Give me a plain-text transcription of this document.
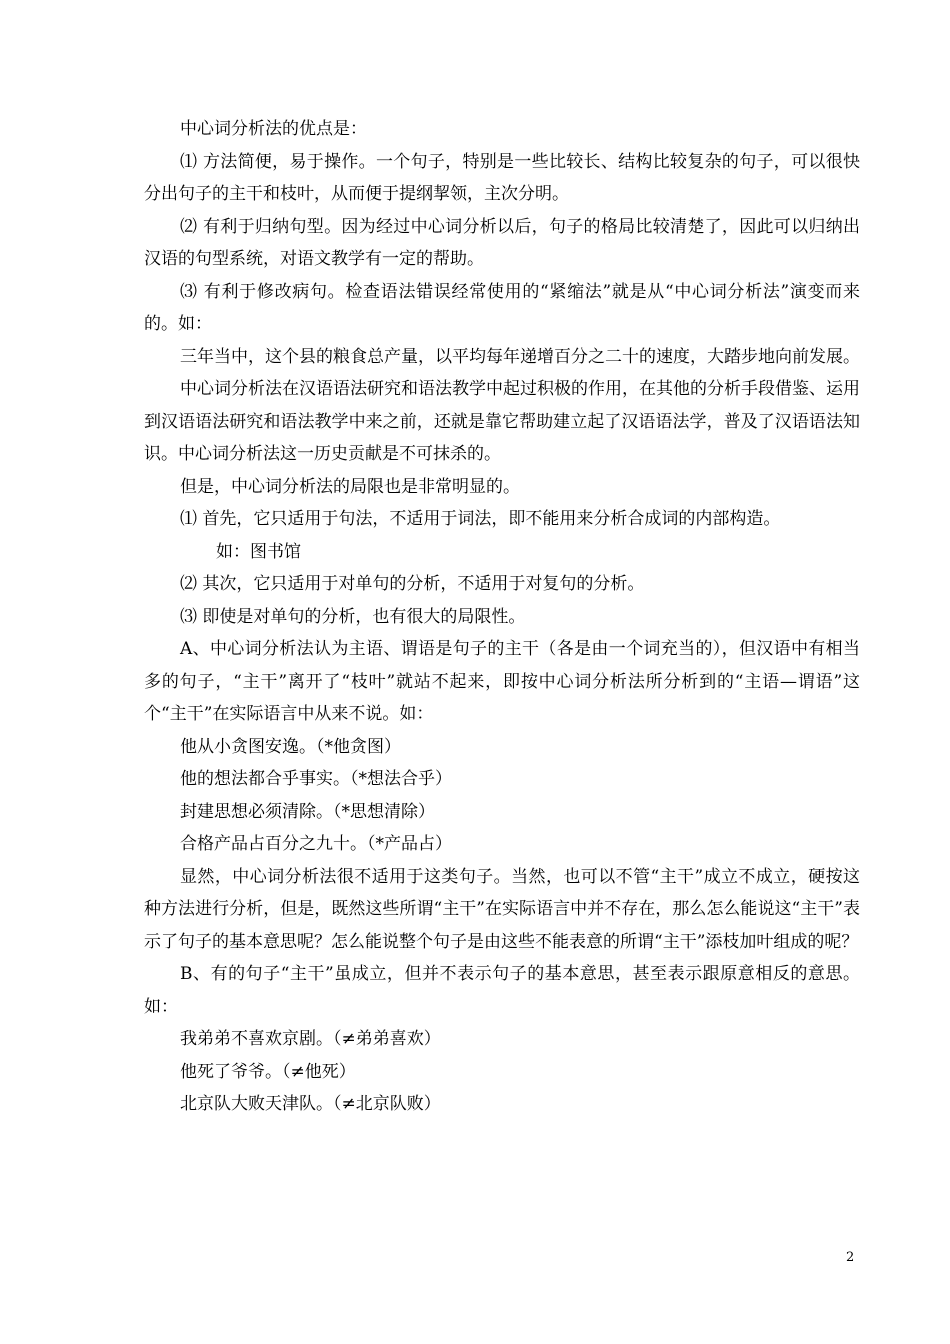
中心词分析法的优点是：

⑴ 方法简便，易于操作。一个句子，特别是一些比较长、结构比较复杂的句子，可以很快分出句子的主干和枝叶，从而便于提纲挈领，主次分明。

⑵ 有利于归纳句型。因为经过中心词分析以后，句子的格局比较清楚了，因此可以归纳出汉语的句型系统，对语文教学有一定的帮助。

⑶ 有利于修改病句。检查语法错误经常使用的“紧缩法”就是从“中心词分析法”演变而来的。如：

三年当中，这个县的粮食总产量，以平均每年递增百分之二十的速度，大踏步地向前发展。

中心词分析法在汉语语法研究和语法教学中起过积极的作用，在其他的分析手段借鉴、运用到汉语语法研究和语法教学中来之前，还就是靠它帮助建立起了汉语语法学，普及了汉语语法知识。中心词分析法这一历史贡献是不可抹杀的。

但是，中心词分析法的局限也是非常明显的。

⑴ 首先，它只适用于句法，不适用于词法，即不能用来分析合成词的内部构造。

如：图书馆

⑵ 其次，它只适用于对单句的分析，不适用于对复句的分析。

⑶ 即使是对单句的分析，也有很大的局限性。

A、中心词分析法认为主语、谓语是句子的主干（各是由一个词充当的），但汉语中有相当多的句子，“主干”离开了“枝叶”就站不起来，即按中心词分析法所分析到的“主语—谓语”这个“主干”在实际语言中从来不说。如：

他从小贪图安逸。（*他贪图）

他的想法都合乎事实。（*想法合乎）

封建思想必须清除。（*思想清除）

合格产品占百分之九十。（*产品占）

显然，中心词分析法很不适用于这类句子。当然，也可以不管“主干”成立不成立，硬按这种方法进行分析，但是，既然这些所谓“主干”在实际语言中并不存在，那么怎么能说这“主干”表示了句子的基本意思呢？怎么能说整个句子是由这些不能表意的所谓“主干”添枝加叶组成的呢？

B、有的句子“主干”虽成立，但并不表示句子的基本意思，甚至表示跟原意相反的意思。如：

我弟弟不喜欢京剧。（≠弟弟喜欢）

他死了爷爷。（≠他死）

北京队大败天津队。（≠北京队败）

2
